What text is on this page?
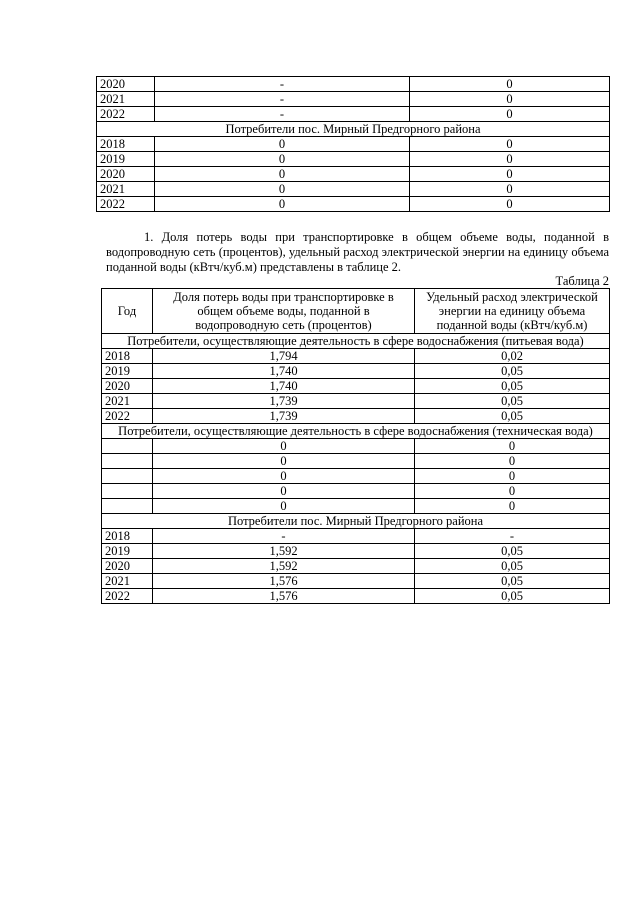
2020	-	0
2021	-	0
2022	-	0
Потребители пос. Мирный Предгорного района		
2018	0	0
2019	0	0
2020	0	0
2021	0	0
2022	0	0

1. Доля потерь воды при транспортировке в общем объеме воды, поданной в водопроводную сеть (процентов), удельный расход электрической энергии на единицу объема поданной воды (кВтч/куб.м) представлены в таблице 2.

Таблица 2
Год	Доля потерь воды при транспортировке в общем объеме воды, поданной в водопроводную сеть (процентов)	Удельный расход электрической энергии на единицу объема поданной воды (кВтч/куб.м)
Потребители, осуществляющие деятельность в сфере водоснабжения (питьевая вода)		
2018	1,794	0,02
2019	1,740	0,05
2020	1,740	0,05
2021	1,739	0,05
2022	1,739	0,05
Потребители, осуществляющие деятельность в сфере водоснабжения (техническая вода)		
	0	0
	0	0
	0	0
	0	0
	0	0
Потребители пос. Мирный Предгорного района		
2018	-	-
2019	1,592	0,05
2020	1,592	0,05
2021	1,576	0,05
2022	1,576	0,05
